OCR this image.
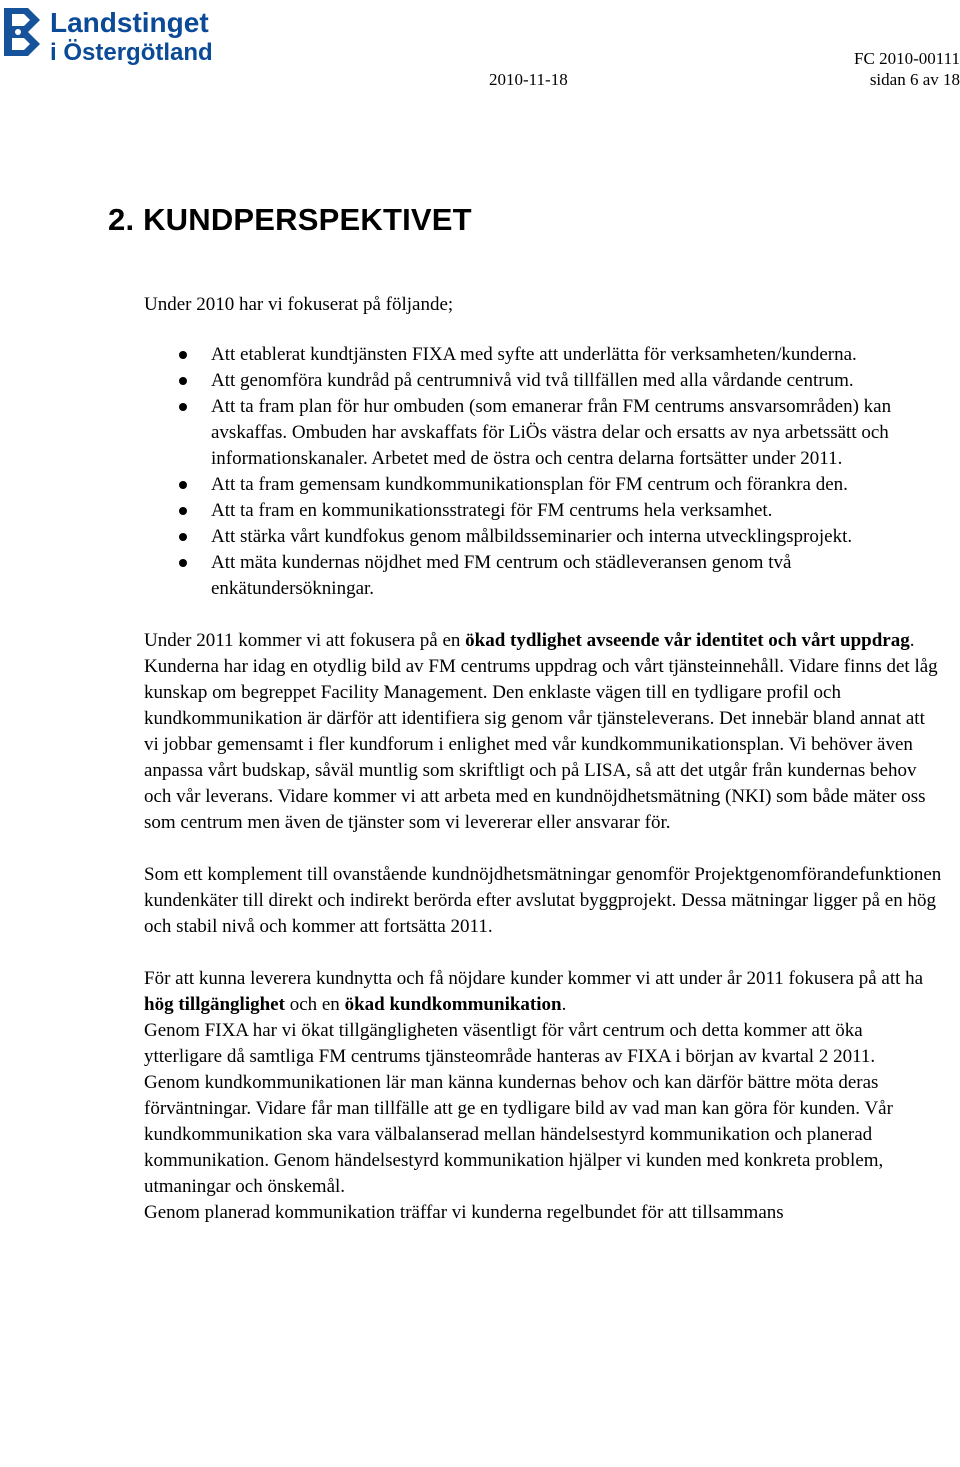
Landstinget
i Östergötland	FC 2010-00111
2010-11-18	sidan 6 av 18
2. KUNDPERSPEKTIVET

Under 2010 har vi fokuserat på följande;

Att etablerat kundtjänsten FIXA med syfte att underlätta för verksamheten/kunderna.
Att genomföra kundråd på centrumnivå vid två tillfällen med alla vårdande centrum.
Att ta fram plan för hur ombuden (som emanerar från FM centrums ansvarsområden) kan avskaffas. Ombuden har avskaffats för LiÖs västra delar och ersatts av nya arbetssätt och informationskanaler. Arbetet med de östra och centra delarna fortsätter under 2011.
Att ta fram gemensam kundkommunikationsplan för FM centrum och förankra den.
Att ta fram en kommunikationsstrategi för FM centrums hela verksamhet.
Att stärka vårt kundfokus genom målbildsseminarier och interna utvecklingsprojekt.
Att mäta kundernas nöjdhet med FM centrum och städleveransen genom två enkätundersökningar.

Under 2011 kommer vi att fokusera på en ökad tydlighet avseende vår identitet och vårt uppdrag. Kunderna har idag en otydlig bild av FM centrums uppdrag och vårt tjänsteinnehåll. Vidare finns det låg kunskap om begreppet Facility Management. Den enklaste vägen till en tydligare profil och kundkommunikation är därför att identifiera sig genom vår tjänsteleverans. Det innebär bland annat att vi jobbar gemensamt i fler kundforum i enlighet med vår kundkommunikationsplan. Vi behöver även anpassa vårt budskap, såväl muntlig som skriftligt och på LISA, så att det utgår från kundernas behov och vår leverans. Vidare kommer vi att arbeta med en kundnöjdhetsmätning (NKI) som både mäter oss som centrum men även de tjänster som vi levererar eller ansvarar för.

Som ett komplement till ovanstående kundnöjdhetsmätningar genomför Projektgenomförandefunktionen kundenkäter till direkt och indirekt berörda efter avslutat byggprojekt. Dessa mätningar ligger på en hög och stabil nivå och kommer att fortsätta 2011.

För att kunna leverera kundnytta och få nöjdare kunder kommer vi att under år 2011 fokusera på att ha hög tillgänglighet och en ökad kundkommunikation.

Genom FIXA har vi ökat tillgängligheten väsentligt för vårt centrum och detta kommer att öka ytterligare då samtliga FM centrums tjänsteområde hanteras av FIXA i början av kvartal 2 2011.

Genom kundkommunikationen lär man känna kundernas behov och kan därför bättre möta deras förväntningar. Vidare får man tillfälle att ge en tydligare bild av vad man kan göra för kunden. Vår kundkommunikation ska vara välbalanserad mellan händelsestyrd kommunikation och planerad kommunikation. Genom händelsestyrd kommunikation hjälper vi kunden med konkreta problem, utmaningar och önskemål.

Genom planerad kommunikation träffar vi kunderna regelbundet för att tillsammans
